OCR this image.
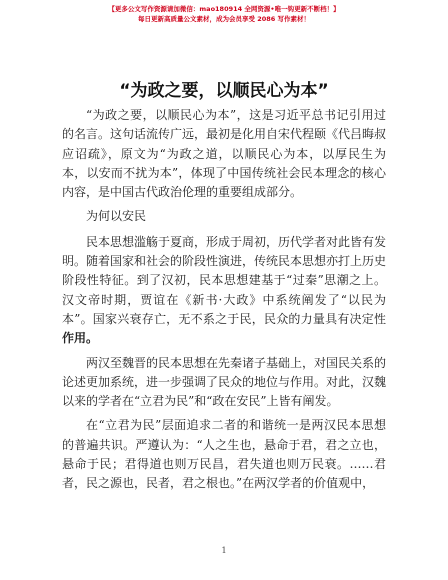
【更多公文写作资源请加微信：mao180914 全网资源•唯一钩更新不断档！】
每日更新高质量公文素材，成为会员享受 2086 写作素材！
“为政之要，以顺民心为本”

“为政之要，以顺民心为本”，这是习近平总书记引用过的名言。这句话流传广远，最初是化用自宋代程颐《代吕晦叔应诏疏》，原文为“为政之道，以顺民心为本，以厚民生为本，以安而不扰为本”，体现了中国传统社会民本理念的核心内容，是中国古代政治伦理的重要组成部分。

为何以安民

民本思想滥觞于夏商，形成于周初，历代学者对此皆有发明。随着国家和社会的阶段性演进，传统民本思想亦打上历史阶段性特征。到了汉初，民本思想建基于“过秦”思潮之上。汉文帝时期，贾谊在《新书·大政》中系统阐发了“以民为本”。国家兴衰存亡，无不系之于民，民众的力量具有决定性作用。

两汉至魏晋的民本思想在先秦诸子基础上，对国民关系的论述更加系统，进一步强调了民众的地位与作用。对此，汉魏以来的学者在“立君为民”和“政在安民”上皆有阐发。

在“立君为民”层面追求二者的和谐统一是两汉民本思想的普遍共识。严遵认为：“人之生也，悬命于君，君之立也，悬命于民；君得道也则万民昌，君失道也则万民衰。……君者，民之源也，民者，君之根也。”在两汉学者的价值观中，

1
